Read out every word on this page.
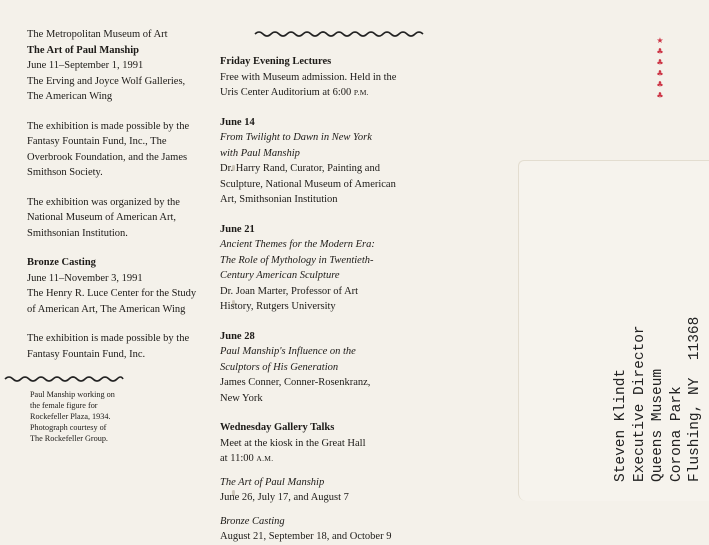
The Metropolitan Museum of Art
The Art of Paul Manship
June 11–September 1, 1991
The Erving and Joyce Wolf Galleries,
The American Wing
The exhibition is made possible by the
Fantasy Fountain Fund, Inc., The
Overbrook Foundation, and the James
Smithson Society.
The exhibition was organized by the
National Museum of American Art,
Smithsonian Institution.
Bronze Casting
June 11–November 3, 1991
The Henry R. Luce Center for the Study
of American Art, The American Wing
The exhibition is made possible by the
Fantasy Fountain Fund, Inc.
Paul Manship working on
the female figure for
Rockefeller Plaza, 1934.
Photograph courtesy of
The Rockefeller Group.
Friday Evening Lectures
Free with Museum admission. Held in the
Uris Center Auditorium at 6:00 P.M.
June 14
From Twilight to Dawn in New York
with Paul Manship
Dr. Harry Rand, Curator, Painting and
Sculpture, National Museum of American
Art, Smithsonian Institution
June 21
Ancient Themes for the Modern Era:
The Role of Mythology in Twentieth-
Century American Sculpture
Dr. Joan Marter, Professor of Art
History, Rutgers University
June 28
Paul Manship's Influence on the
Sculptors of His Generation
James Conner, Conner-Rosenkranz,
New York
Wednesday Gallery Talks
Meet at the kiosk in the Great Hall
at 11:00 A.M.
The Art of Paul Manship
June 26, July 17, and August 7
Bronze Casting
August 21, September 18, and October 9
★
♣
♣
♣
♣
♣
Steven Klindt Executive Director Queens Museum Corona Park Flushing, NY  11368
